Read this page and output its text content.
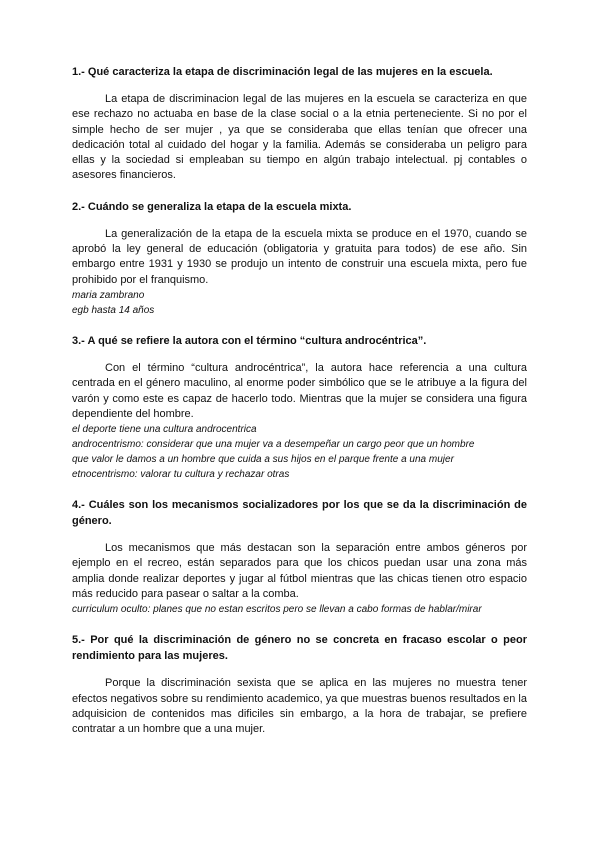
1.- Qué caracteriza la etapa de discriminación legal de las mujeres en la escuela.

La etapa de discriminacion legal de las mujeres en la escuela se caracteriza en que ese rechazo no actuaba en base de la clase social o a la etnia perteneciente. Si no por el simple hecho de ser mujer , ya que se consideraba que ellas tenían que ofrecer una dedicación total al cuidado del hogar y la familia. Además se consideraba un peligro para ellas y la sociedad si empleaban su tiempo en algún trabajo intelectual. pj contables o asesores financieros.

2.- Cuándo se generaliza la etapa de la escuela mixta.

La generalización de la etapa de la escuela mixta se produce en el 1970, cuando se aprobó la ley general de educación (obligatoria y gratuita para todos) de ese año. Sin embargo entre 1931 y 1930 se produjo un intento de construir una escuela mixta, pero fue prohibido por el franquismo.

maria zambrano

egb hasta 14 años

3.- A qué se refiere la autora con el término “cultura androcéntrica”.

Con el término “cultura androcéntrica”, la autora hace referencia a una cultura centrada en el género maculino, al enorme poder simbólico que se le atribuye a la figura del varón y como este es capaz de hacerlo todo. Mientras que la mujer se considera una figura dependiente del hombre.

el deporte tiene una cultura androcentrica

androcentrismo: considerar que una mujer va a desempeñar un cargo peor que un hombre

que valor le damos a un hombre que cuida a sus hijos en el parque frente a una mujer

etnocentrismo: valorar tu cultura y rechazar otras

4.- Cuáles son los mecanismos socializadores por los que se da la discriminación de género.

Los mecanismos que más destacan son la separación entre ambos géneros por ejemplo en el recreo, están separados para que los chicos puedan usar una zona más amplia donde realizar deportes y jugar al fútbol mientras que las chicas tienen otro espacio más reducido para pasear o saltar a la comba.

curriculum oculto: planes que no estan escritos pero se llevan a cabo formas de hablar/mirar

5.- Por qué la discriminación de género no se concreta en fracaso escolar o peor rendimiento para las mujeres.

Porque la discriminación sexista que se aplica en las mujeres no muestra tener efectos negativos sobre su rendimiento academico, ya que muestras buenos resultados en la adquisicion de contenidos mas dificiles sin embargo, a la hora de trabajar, se prefiere contratar a un hombre que a una mujer.
